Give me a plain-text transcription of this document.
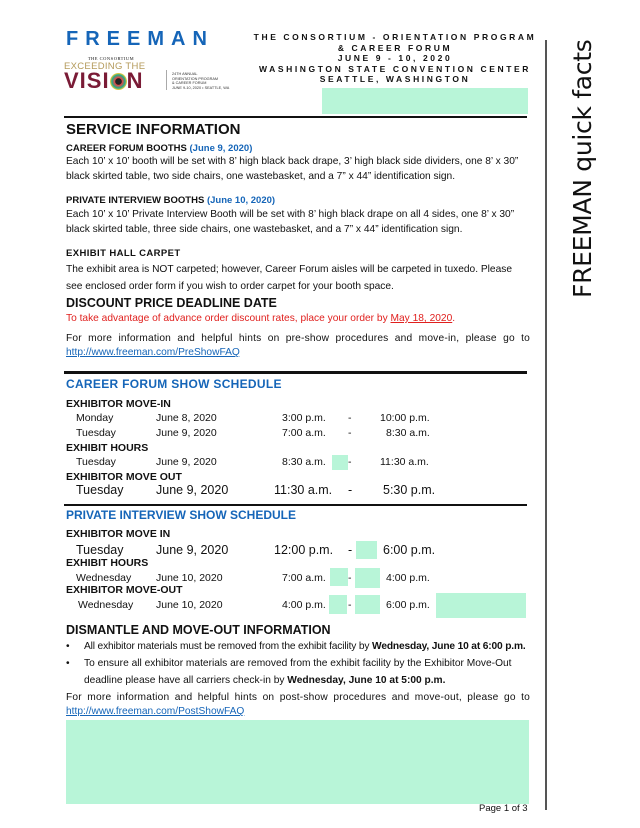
FREEMAN
THE CONSORTIUM
EXCEEDING THE
VISI N	24TH ANNUAL
ORIENTATION PROGRAM
& CAREER FORUM
JUNE 9-10, 2020 • SEATTLE, WA
THE CONSORTIUM - ORIENTATION PROGRAM
& CAREER FORUM
JUNE 9 - 10, 2020
WASHINGTON STATE CONVENTION CENTER
SEATTLE, WASHINGTON	FREEMAN quick facts
SERVICE INFORMATION
CAREER FORUM BOOTHS (June 9, 2020)
Each 10’ x 10’ booth will be set with 8’ high black back drape, 3’ high black side dividers, one 8’ x 30” black skirted table, two side chairs, one wastebasket, and a 7” x 44” identification sign.
PRIVATE INTERVIEW BOOTHS (June 10, 2020)
Each 10’ x 10’ Private Interview Booth will be set with 8’ high black drape on all 4 sides, one 8’ x 30” black skirted table, three side chairs, one wastebasket, and a 7” x 44” identification sign.
EXHIBIT HALL CARPET
The exhibit area is NOT carpeted; however, Career Forum aisles will be carpeted in tuxedo. Please see enclosed order form if you wish to order carpet for your booth space.
DISCOUNT PRICE DEADLINE DATE
To take advantage of advance order discount rates, place your order by May 18, 2020.
For more information and helpful hints on pre-show procedures and move-in, please go to
http://www.freeman.com/PreShowFAQ
CAREER FORUM SHOW SCHEDULE
EXHIBITOR MOVE-IN
Monday	June 8, 2020	3:00 p.m. -	10:00 p.m.
Tuesday	June 9, 2020	7:00 a.m. -	8:30 a.m.
EXHIBIT HOURS
Tuesday	June 9, 2020	8:30 a.m. -	11:30 a.m.
EXHIBITOR MOVE OUT
Tuesday	June 9, 2020	11:30 a.m. - 5:30 p.m.
PRIVATE INTERVIEW SHOW SCHEDULE
EXHIBITOR MOVE IN
Tuesday	June 9, 2020	12:00 p.m. - 6:00 p.m.
EXHIBIT HOURS
Wednesday June 10, 2020	7:00 a.m. -	4:00 p.m.
EXHIBITOR MOVE-OUT
Wednesday June 10, 2020	4:00 p.m. -	6:00 p.m.
DISMANTLE AND MOVE-OUT INFORMATION
• All exhibitor materials must be removed from the exhibit facility by Wednesday, June 10 at 6:00 p.m.
• To ensure all exhibitor materials are removed from the exhibit facility by the Exhibitor Move-Out deadline please have all carriers check-in by Wednesday, June 10 at 5:00 p.m.
For more information and helpful hints on post-show procedures and move-out, please go to
http://www.freeman.com/PostShowFAQ
Page 1 of 3
